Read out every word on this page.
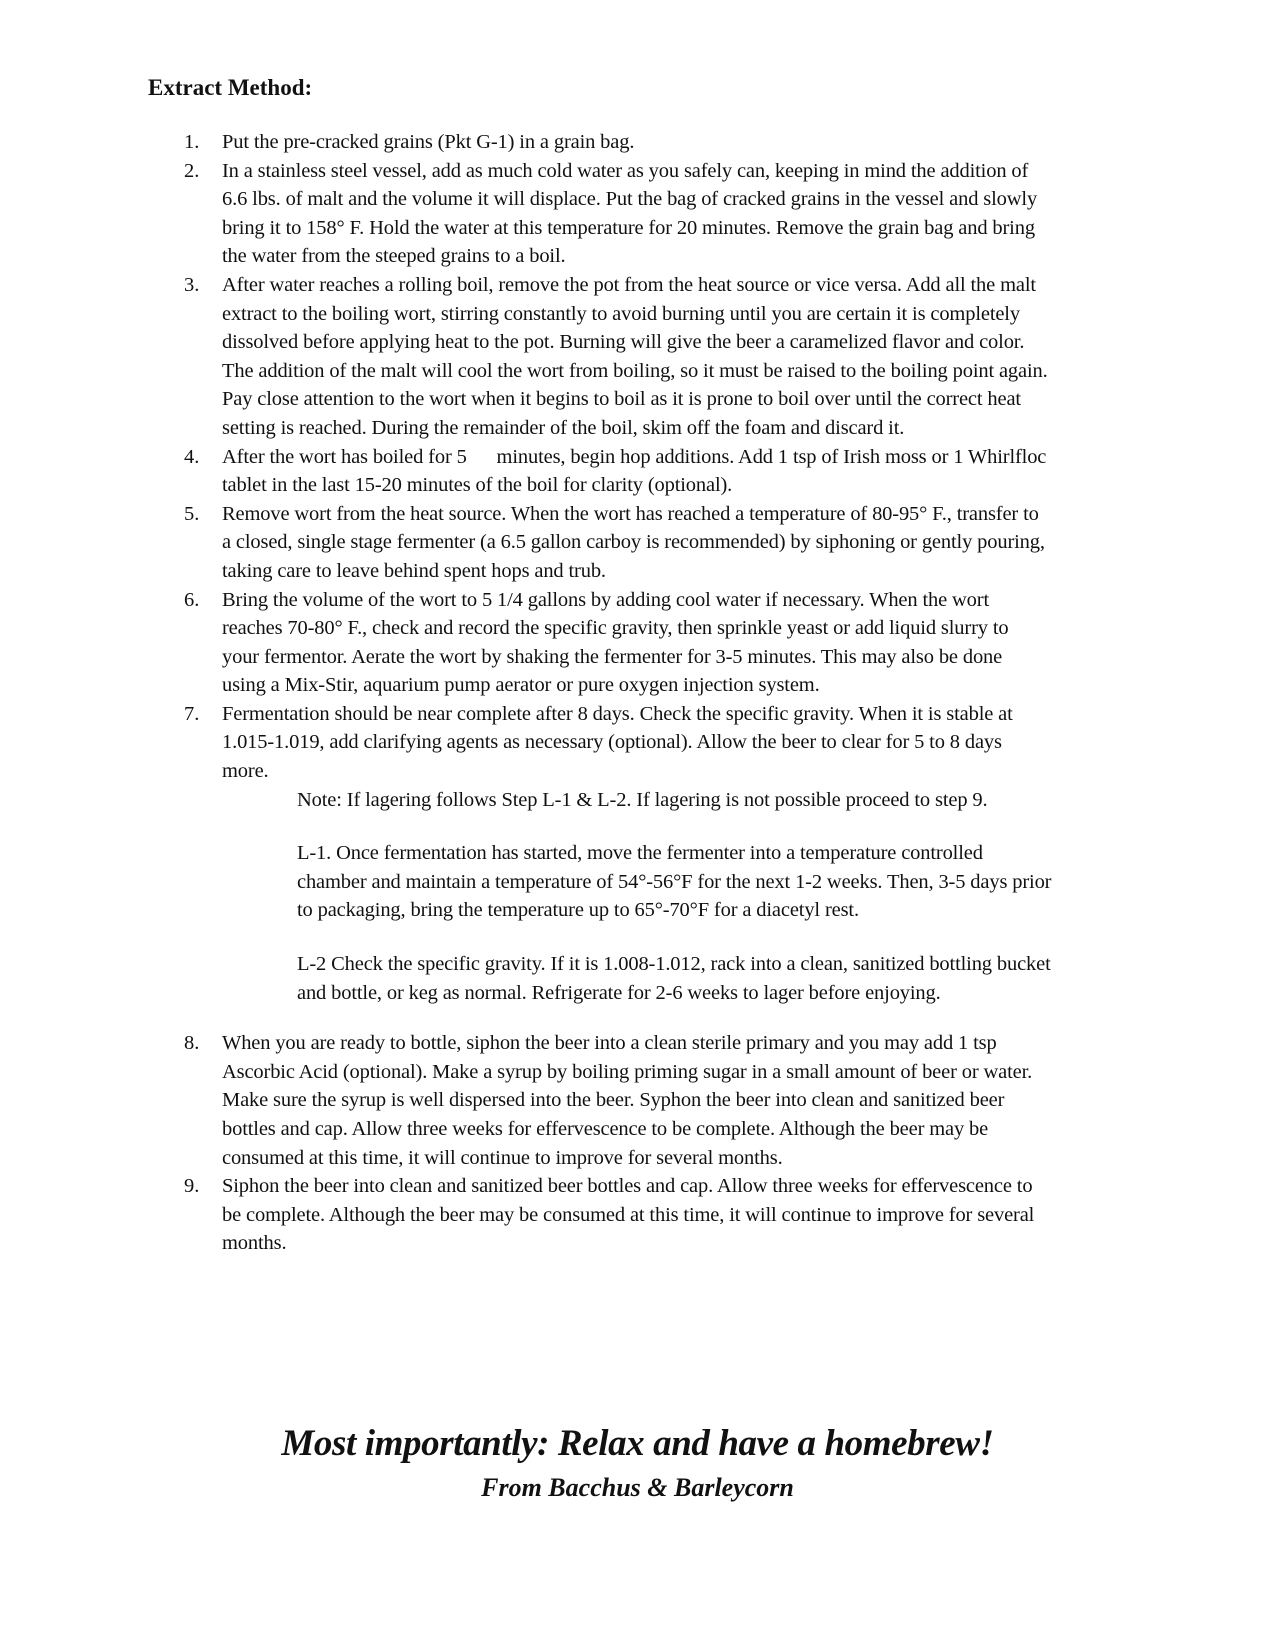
Extract Method:
1.	Put the pre-cracked grains (Pkt G-1) in a grain bag.
2.	In a stainless steel vessel, add as much cold water as you safely can, keeping in mind the addition of
6.6 lbs. of malt and the volume it will displace. Put the bag of cracked grains in the vessel and slowly
bring it to 158° F. Hold the water at this temperature for 20 minutes. Remove the grain bag and bring
the water from the steeped grains to a boil.
3.	After water reaches a rolling boil, remove the pot from the heat source or vice versa. Add all the malt
extract to the boiling wort, stirring constantly to avoid burning until you are certain it is completely
dissolved before applying heat to the pot. Burning will give the beer a caramelized flavor and color.
The addition of the malt will cool the wort from boiling, so it must be raised to the boiling point again.
Pay close attention to the wort when it begins to boil as it is prone to boil over until the correct heat
setting is reached. During the remainder of the boil, skim off the foam and discard it.
4.	After the wort has boiled for 5      minutes, begin hop additions. Add 1 tsp of Irish moss or 1 Whirlfloc
tablet in the last 15-20 minutes of the boil for clarity (optional).
5.	Remove wort from the heat source. When the wort has reached a temperature of 80-95° F., transfer to
a closed, single stage fermenter (a 6.5 gallon carboy is recommended) by siphoning or gently pouring,
taking care to leave behind spent hops and trub.
6.	Bring the volume of the wort to 5 1/4 gallons by adding cool water if necessary. When the wort
reaches 70-80° F., check and record the specific gravity, then sprinkle yeast or add liquid slurry to
your fermentor. Aerate the wort by shaking the fermenter for 3-5 minutes. This may also be done
using a Mix-Stir, aquarium pump aerator or pure oxygen injection system.
7.	Fermentation should be near complete after 8 days. Check the specific gravity. When it is stable at
1.015-1.019, add clarifying agents as necessary (optional). Allow the beer to clear for 5 to 8 days
more.
Note: If lagering follows Step L-1 & L-2. If lagering is not possible proceed to step 9.
L-1. Once fermentation has started, move the fermenter into a temperature controlled
chamber and maintain a temperature of 54°-56°F for the next 1-2 weeks. Then, 3-5 days prior
to packaging, bring the temperature up to 65°-70°F for a diacetyl rest.
L-2 Check the specific gravity. If it is 1.008-1.012, rack into a clean, sanitized bottling bucket
and bottle, or keg as normal. Refrigerate for 2-6 weeks to lager before enjoying.
8.	When you are ready to bottle, siphon the beer into a clean sterile primary and you may add 1 tsp
Ascorbic Acid (optional). Make a syrup by boiling priming sugar in a small amount of beer or water.
Make sure the syrup is well dispersed into the beer. Syphon the beer into clean and sanitized beer
bottles and cap. Allow three weeks for effervescence to be complete. Although the beer may be
consumed at this time, it will continue to improve for several months.
9.	Siphon the beer into clean and sanitized beer bottles and cap. Allow three weeks for effervescence to
be complete. Although the beer may be consumed at this time, it will continue to improve for several
months.
Most importantly: Relax and have a homebrew!
From Bacchus & Barleycorn
